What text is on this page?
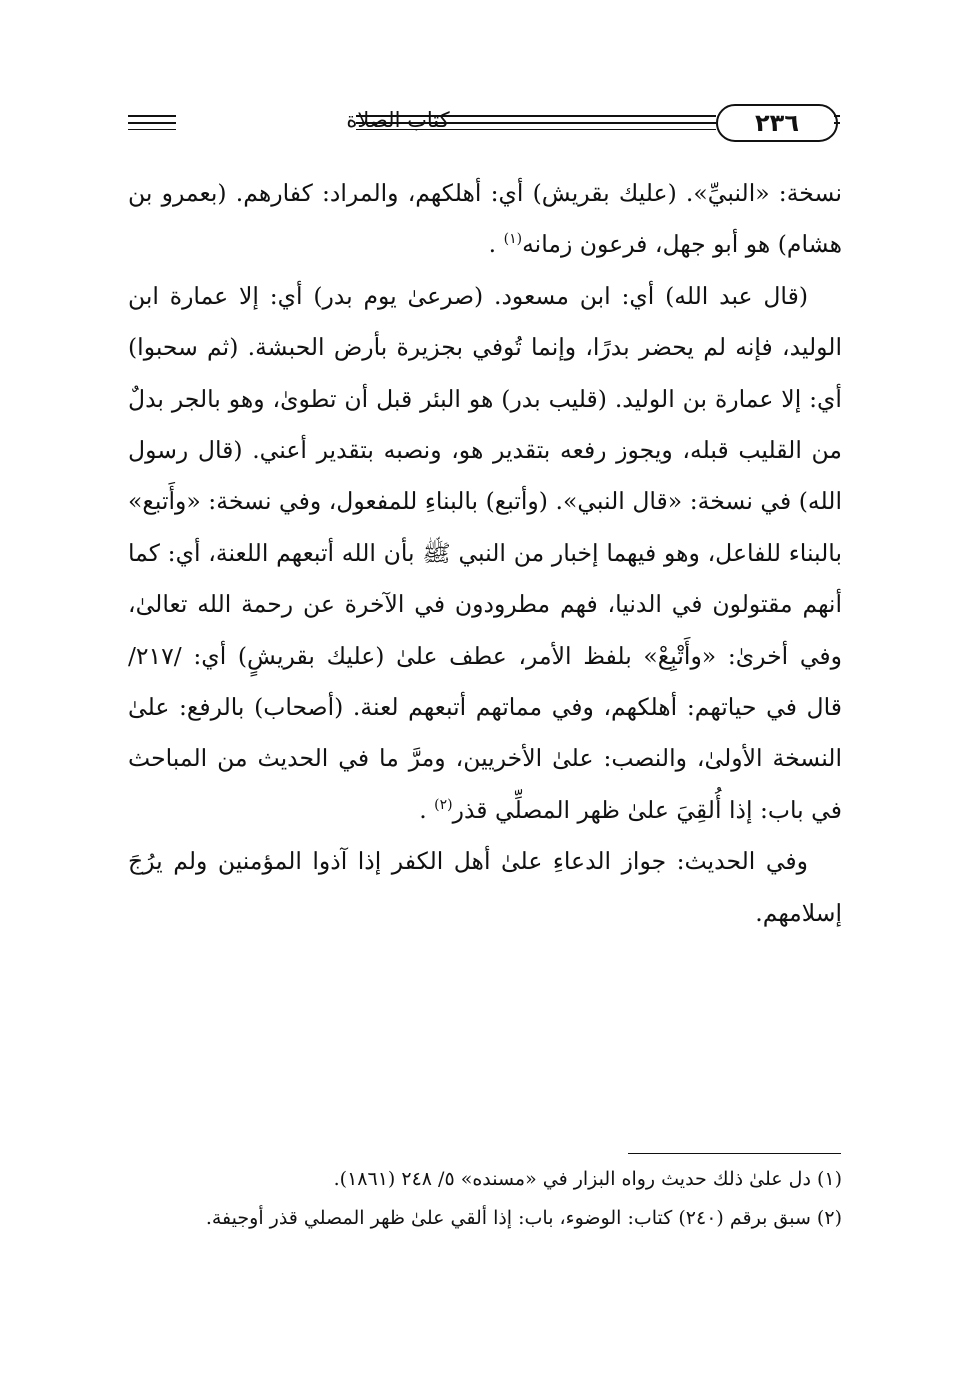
كتاب الصلاة	٢٣٦

نسخة: «النبيِّ». (عليك بقريش) أي: أهلكهم، والمراد: كفارهم. (بعمرو بن هشام) هو أبو جهل، فرعون زمانه$^{(١)}$ .

(قال عبد الله) أي: ابن مسعود. (صرعىٰ يوم بدر) أي: إلا عمارة ابن الوليد، فإنه لم يحضر بدرًا، وإنما تُوفي بجزيرة بأرض الحبشة. (ثم سحبوا) أي: إلا عمارة بن الوليد. (قليب بدر) هو البئر قبل أن تطوىٰ، وهو بالجر بدلٌ من القليب قبله، ويجوز رفعه بتقدير هو، ونصبه بتقدير أعني. (قال رسول الله) في نسخة: «قال النبي». (وأتبع) بالبناءِ للمفعول، وفي نسخة: «وأَتبع» بالبناء للفاعل، وهو فيهما إخبار من النبي ﷺ بأن الله أتبعهم اللعنة، أي: كما أنهم مقتولون في الدنيا، فهم مطرودون في الآخرة عن رحمة الله تعالىٰ، وفي أخرىٰ: «وأَتْبِعْ» بلفظ الأمر، عطف علىٰ (عليك بقريشٍ) أي: /٢١٧/ قال في حياتهم: أهلكهم، وفي مماتهم أتبعهم لعنة. (أصحاب) بالرفع: علىٰ النسخة الأولىٰ، والنصب: علىٰ الأخريين، ومرَّ ما في الحديث من المباحث في باب: إذا أُلقِيَ علىٰ ظهر المصلِّي قذر$^{(٢)}$ .

وفي الحديث: جواز الدعاءِ علىٰ أهل الكفر إذا آذوا المؤمنين ولم يرُجَ إسلامهم.

(١) دل علىٰ ذلك حديث رواه البزار في «مسنده» ٥/ ٢٤٨ (١٨٦١).

(٢) سبق برقم (٢٤٠) كتاب: الوضوء، باب: إذا ألقي علىٰ ظهر المصلي قذر أوجيفة.
